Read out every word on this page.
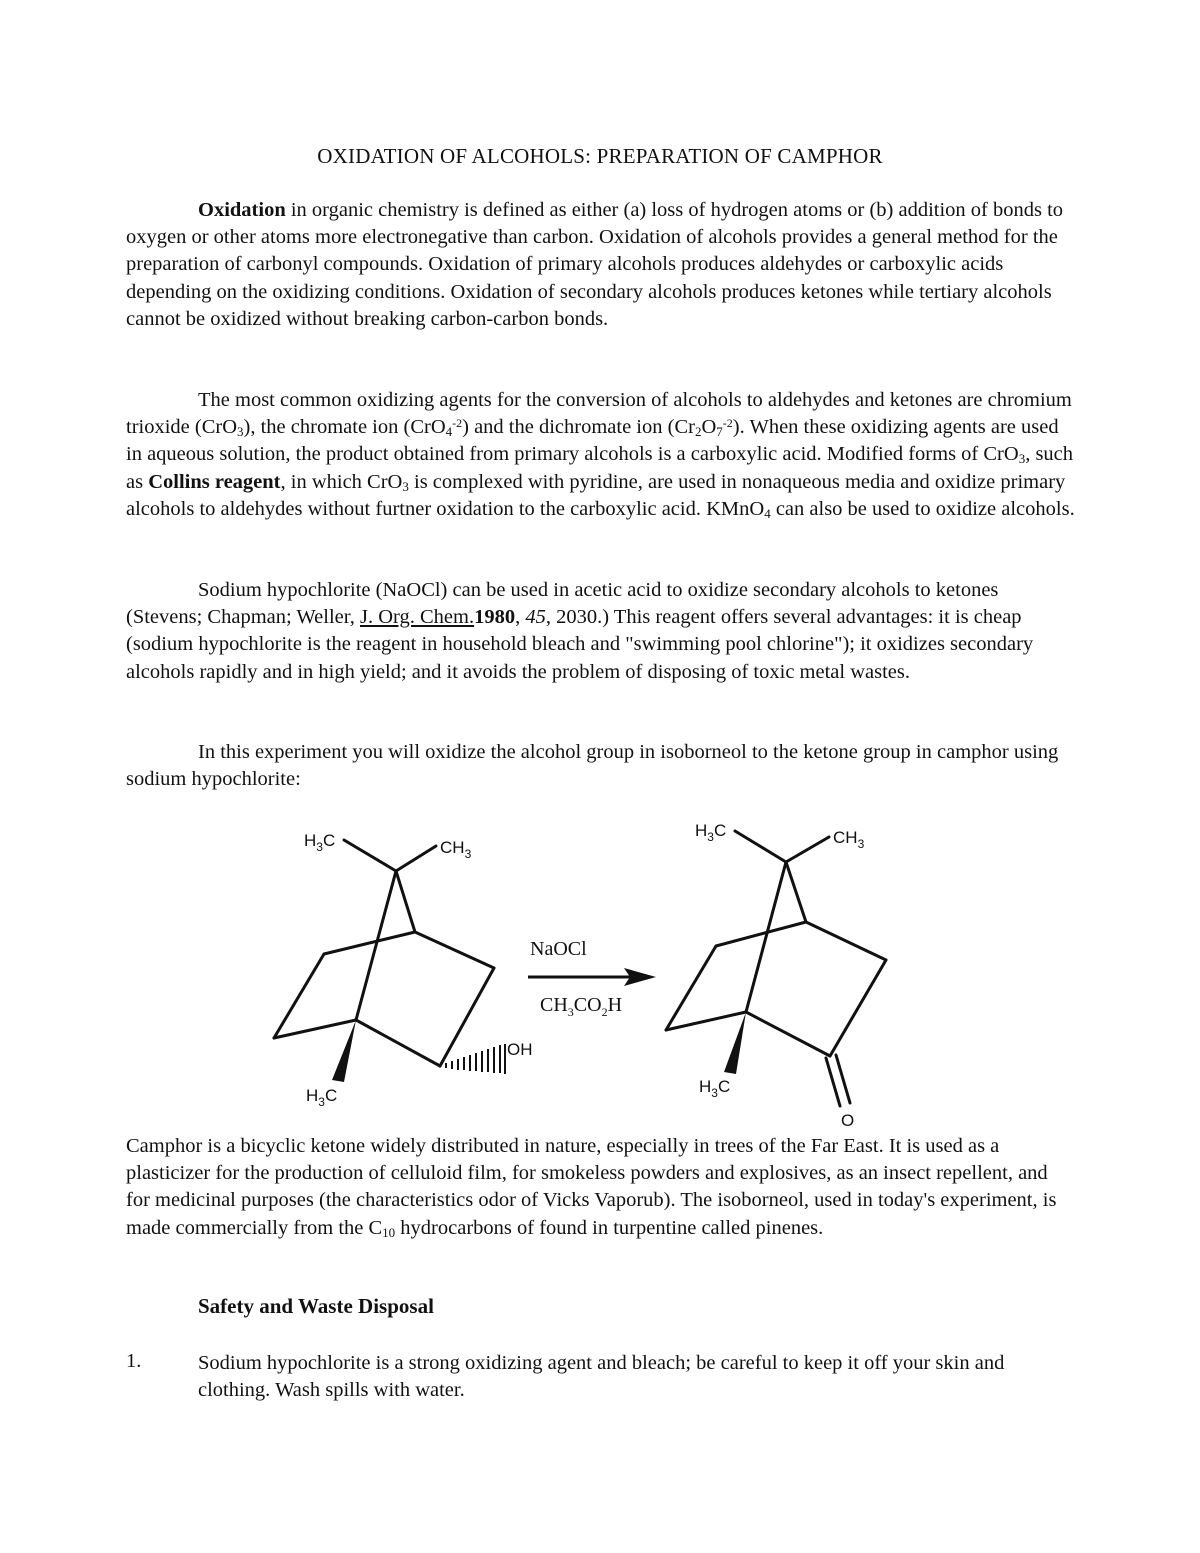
OXIDATION OF ALCOHOLS: PREPARATION OF CAMPHOR

Oxidation in organic chemistry is defined as either (a) loss of hydrogen atoms or (b) addition of bonds to oxygen or other atoms more electronegative than carbon. Oxidation of alcohols provides a general method for the preparation of carbonyl compounds. Oxidation of primary alcohols produces aldehydes or carboxylic acids depending on the oxidizing conditions. Oxidation of secondary alcohols produces ketones while tertiary alcohols cannot be oxidized without breaking carbon-carbon bonds.

The most common oxidizing agents for the conversion of alcohols to aldehydes and ketones are chromium trioxide (CrO$_3$), the chromate ion (CrO$_4^{-2}$) and the dichromate ion $(Cr_2O_7^{-2})$. When these oxidizing agents are used in aqueous solution, the product obtained from primary alcohols is a carboxylic acid. Modified forms of CrO$_3$, such as Collins reagent, in which CrO$_3$ is complexed with pyridine, are used in nonaqueous media and oxidize primary alcohols to aldehydes without furtner oxidation to the carboxylic acid. KMnO$_4$ can also be used to oxidize alcohols.

Sodium hypochlorite (NaOCl) can be used in acetic acid to oxidize secondary alcohols to ketones (Stevens; Chapman; Weller, J. Org. Chem.1980, 45, 2030.) This reagent offers several advantages: it is cheap (sodium hypochlorite is the reagent in household bleach and "swimming pool chlorine"); it oxidizes secondary alcohols rapidly and in high yield; and it avoids the problem of disposing of toxic metal wastes.

In this experiment you will oxidize the alcohol group in isoborneol to the ketone group in camphor using sodium hypochlorite:

$H_3C$	$CH_3$
$H_3C$
OH
NaOCl
$CH_3CO_2H$
$H_3C$	$CH_3$
$H_3C$
O

Camphor is a bicyclic ketone widely distributed in nature, especially in trees of the Far East. It is used as a plasticizer for the production of celluloid film, for smokeless powders and explosives, as an insect repellent, and for medicinal purposes (the characteristics odor of Vicks Vaporub). The isoborneol, used in today's experiment, is made commercially from the $C_{10}$ hydrocarbons of found in turpentine called pinenes.

Safety and Waste Disposal
1.	Sodium hypochlorite is a strong oxidizing agent and bleach; be careful to keep it off your skin and clothing. Wash spills with water.
